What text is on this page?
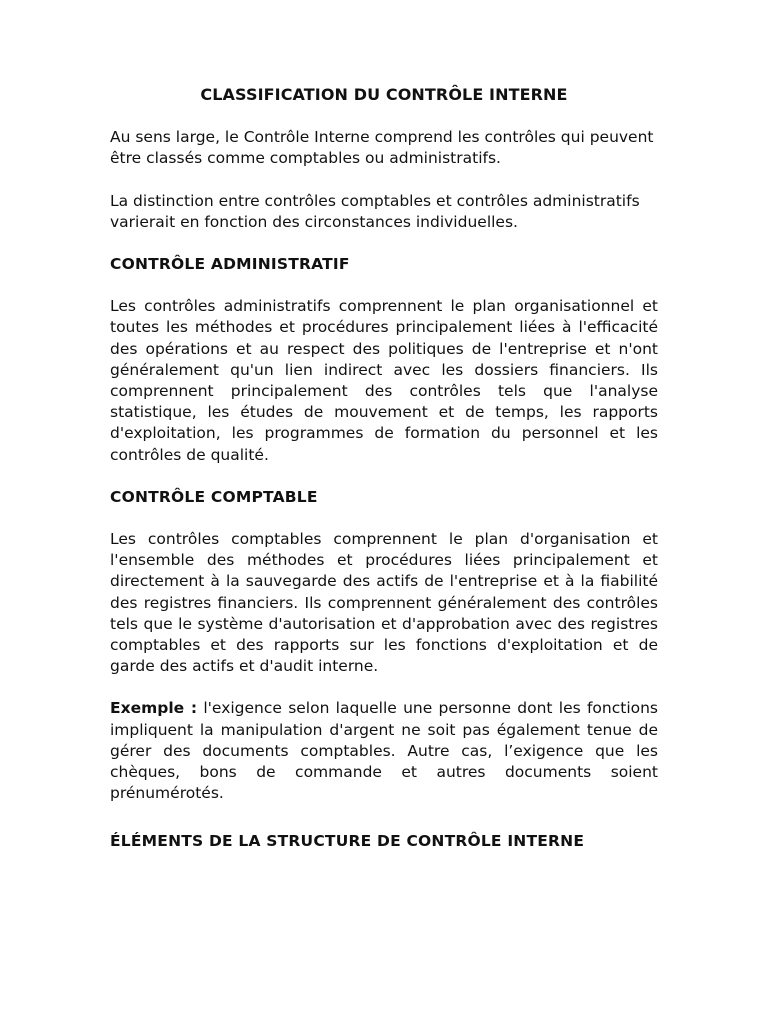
CLASSIFICATION DU CONTRÔLE INTERNE

Au sens large, le Contrôle Interne comprend les contrôles qui peuvent être classés comme comptables ou administratifs.

La distinction entre contrôles comptables et contrôles administratifs varierait en fonction des circonstances individuelles.

CONTRÔLE ADMINISTRATIF

Les contrôles administratifs comprennent le plan organisationnel et toutes les méthodes et procédures principalement liées à l'efficacité des opérations et au respect des politiques de l'entreprise et n'ont généralement qu'un lien indirect avec les dossiers financiers. Ils comprennent principalement des contrôles tels que l'analyse statistique, les études de mouvement et de temps, les rapports d'exploitation, les programmes de formation du personnel et les contrôles de qualité.

CONTRÔLE COMPTABLE

Les contrôles comptables comprennent le plan d'organisation et l'ensemble des méthodes et procédures liées principalement et directement à la sauvegarde des actifs de l'entreprise et à la fiabilité des registres financiers. Ils comprennent généralement des contrôles tels que le système d'autorisation et d'approbation avec des registres comptables et des rapports sur les fonctions d'exploitation et de garde des actifs et d'audit interne.

Exemple : l'exigence selon laquelle une personne dont les fonctions impliquent la manipulation d'argent ne soit pas également tenue de gérer des documents comptables. Autre cas, l’exigence que les chèques, bons de commande et autres documents soient prénumérotés.

ÉLÉMENTS DE LA STRUCTURE DE CONTRÔLE INTERNE
